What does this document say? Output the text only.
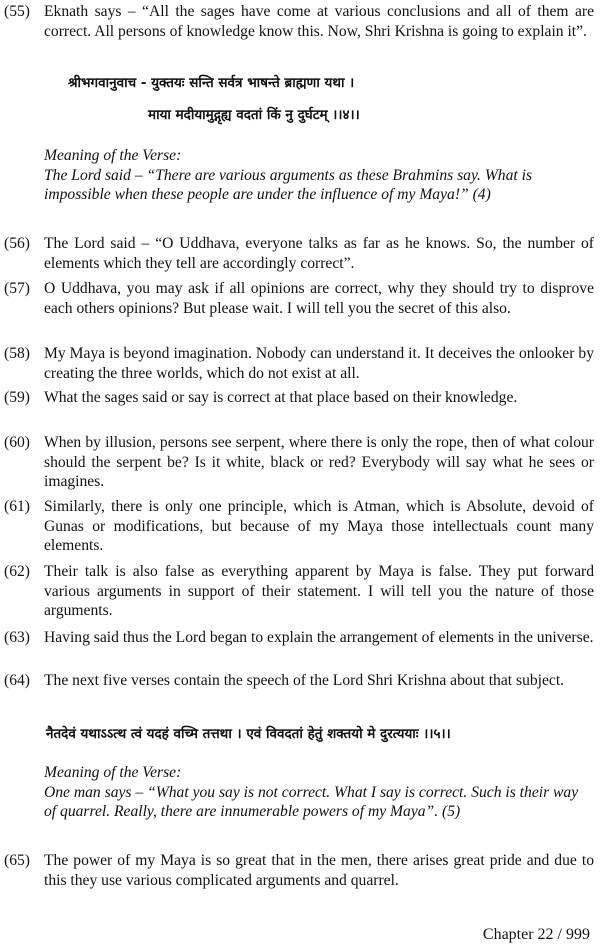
(55) Eknath says – “All the sages have come at various conclusions and all of them are correct. All persons of knowledge know this. Now, Shri Krishna is going to explain it”.
श्रीभगवानुवाच - युक्तयः सन्ति सर्वत्र भाषन्ते ब्राह्मणा यथा ।
माया मदीयामुद्गृह्य वदतां किं नु दुर्घटम् ।।४।।
Meaning of the Verse:
The Lord said – “There are various arguments as these Brahmins say. What is impossible when these people are under the influence of my Maya!” (4)
(56) The Lord said – “O Uddhava, everyone talks as far as he knows. So, the number of elements which they tell are accordingly correct”.
(57) O Uddhava, you may ask if all opinions are correct, why they should try to disprove each others opinions? But please wait. I will tell you the secret of this also.
(58) My Maya is beyond imagination. Nobody can understand it. It deceives the onlooker by creating the three worlds, which do not exist at all.
(59) What the sages said or say is correct at that place based on their knowledge.
(60) When by illusion, persons see serpent, where there is only the rope, then of what colour should the serpent be? Is it white, black or red? Everybody will say what he sees or imagines.
(61) Similarly, there is only one principle, which is Atman, which is Absolute, devoid of Gunas or modifications, but because of my Maya those intellectuals count many elements.
(62) Their talk is also false as everything apparent by Maya is false. They put forward various arguments in support of their statement. I will tell you the nature of those arguments.
(63) Having said thus the Lord began to explain the arrangement of elements in the universe.
(64) The next five verses contain the speech of the Lord Shri Krishna about that subject.
नैतदेवं यथाऽऽत्थ त्वं यदहं वच्मि तत्तथा । एवं विवदतां हेतुं शक्तयो मे दुरत्ययाः ।।५।।
Meaning of the Verse:
One man says – “What you say is not correct. What I say is correct. Such is their way of quarrel. Really, there are innumerable powers of my Maya”. (5)
(65) The power of my Maya is so great that in the men, there arises great pride and due to this they use various complicated arguments and quarrel.
Chapter 22 / 999
